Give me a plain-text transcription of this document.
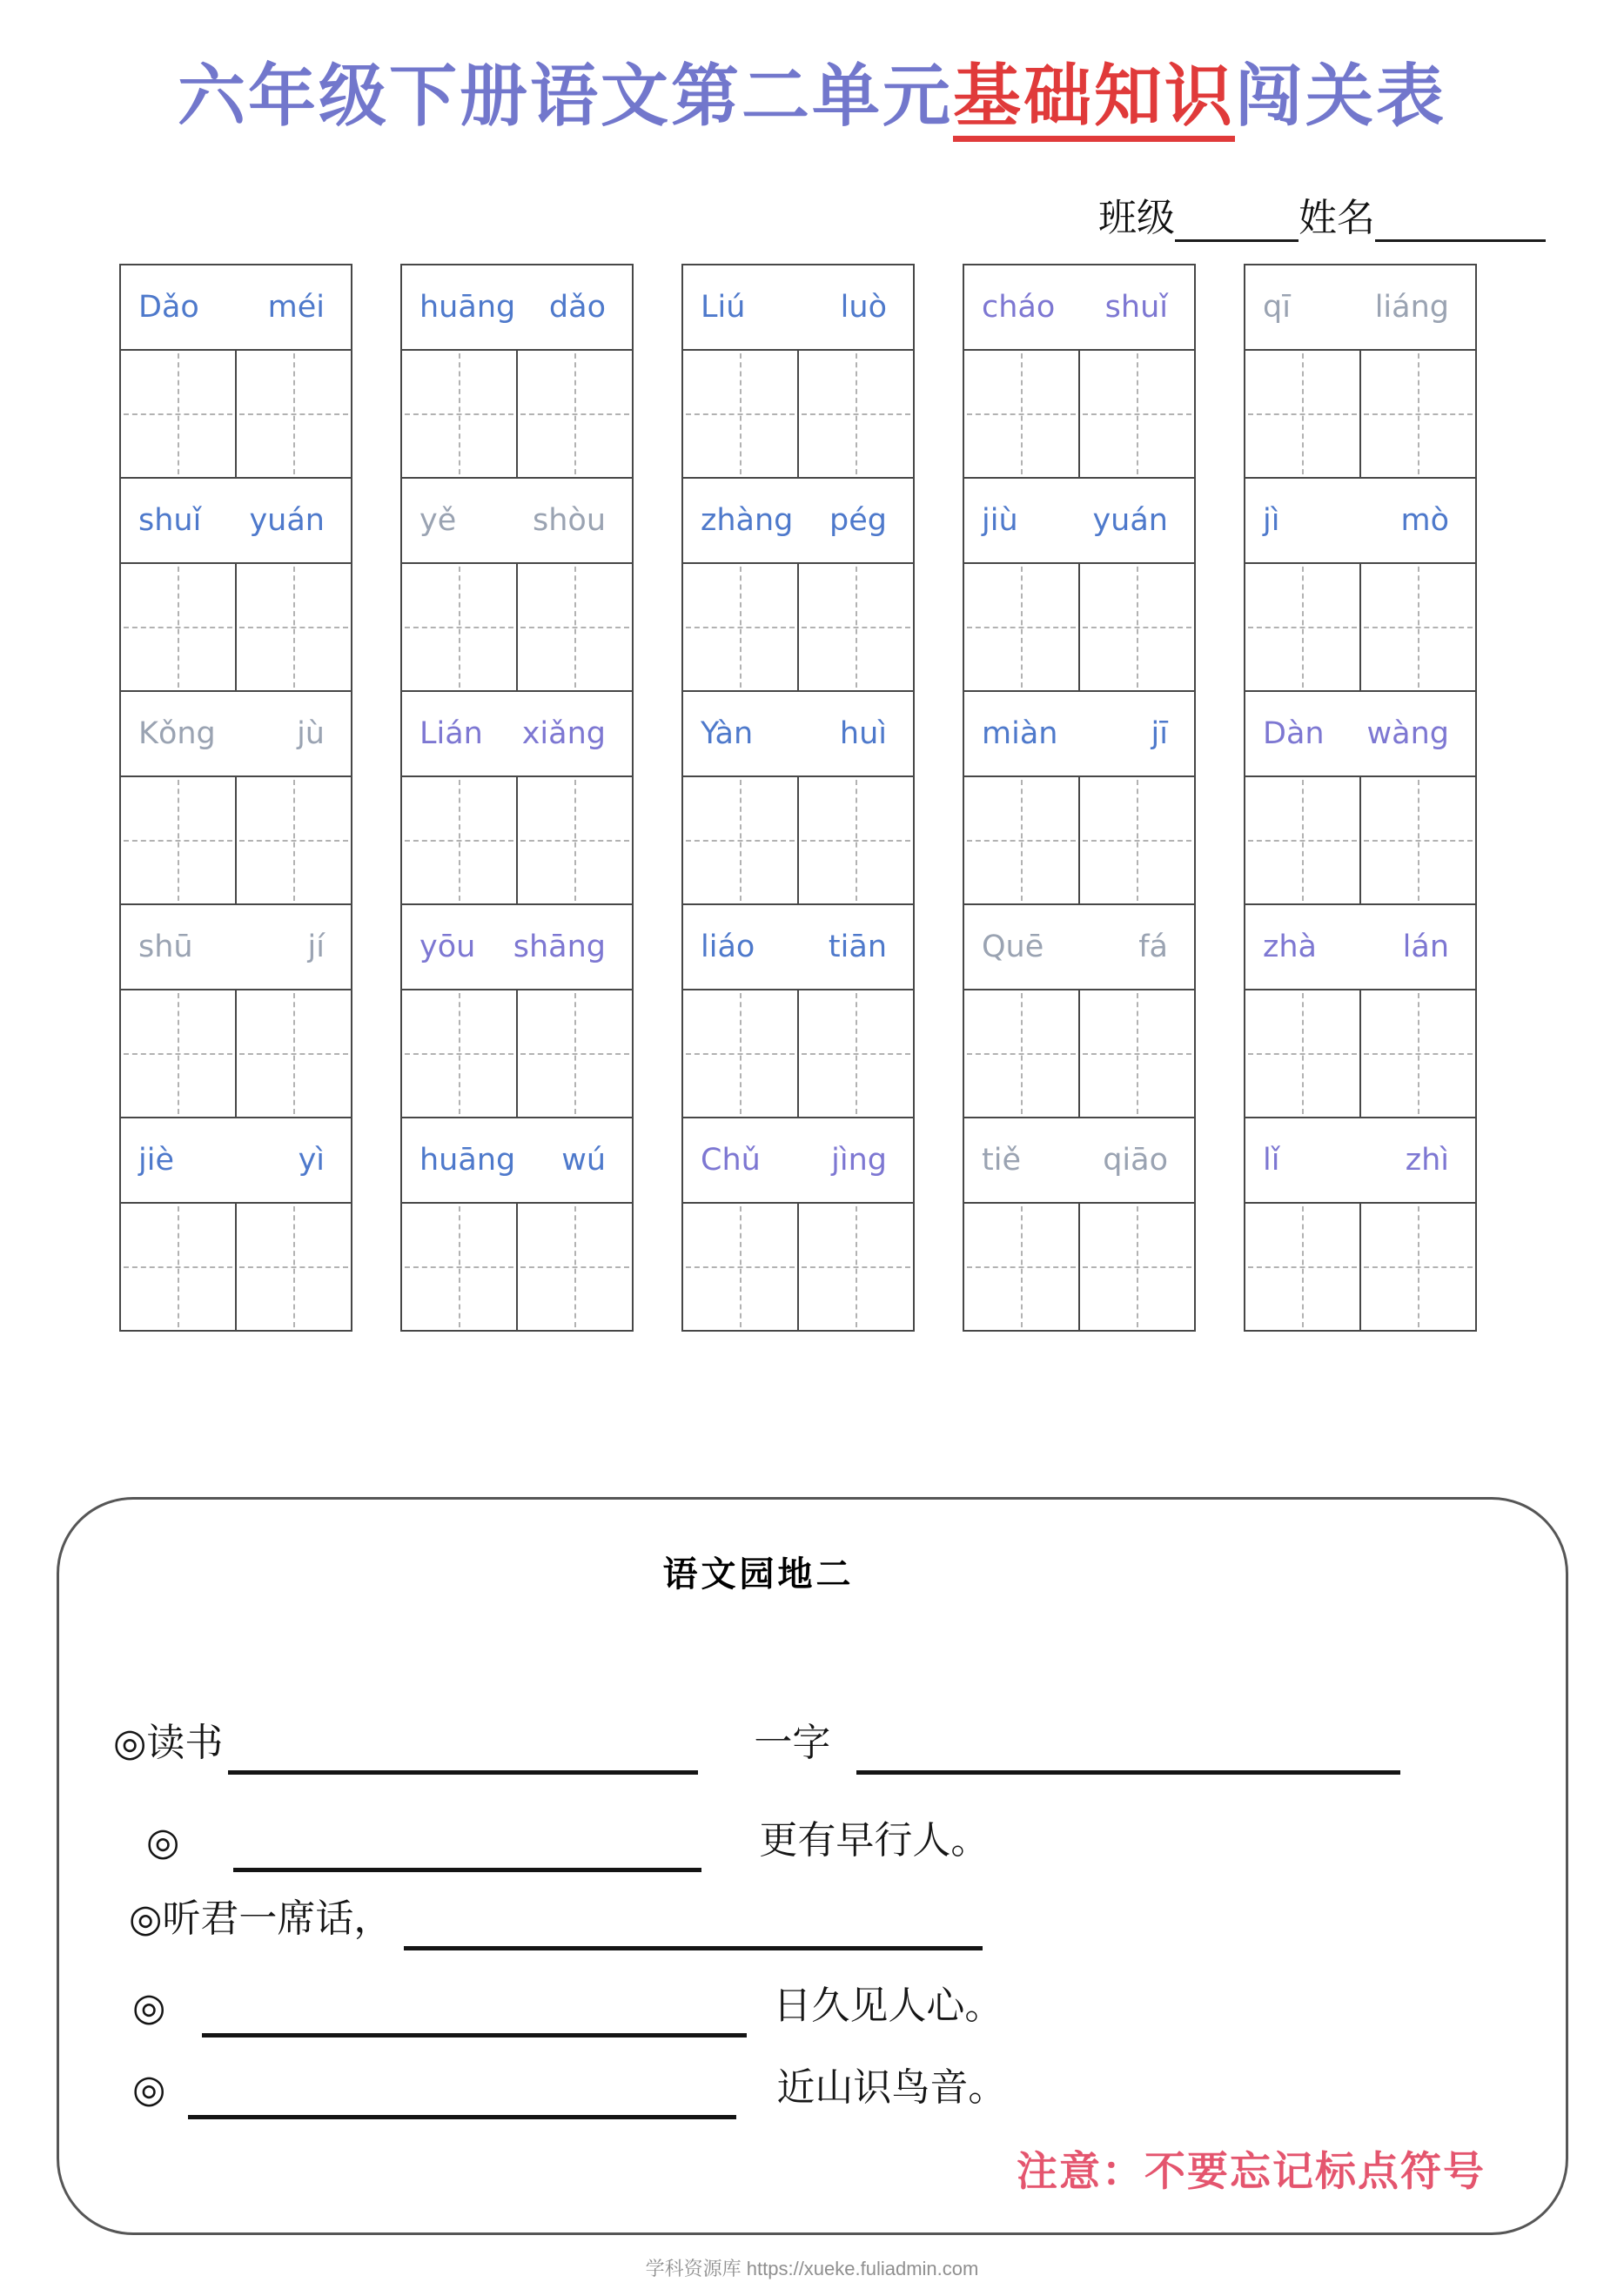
六年级下册语文第二单元基础知识闯关表
班级	姓名
Dǎo méi
shuǐ yuán
Kǒng	jù
shū	jí
jiè	yì
huāng dǎo
yě	shòu
Lián xiǎng
yōu shāng
huāng wú
Liú	luò
zhàng pég
Yàn	huì
liáo tiān
Chǔ jìng
cháo shuǐ
jiù yuán
miàn	jī
Quē	fá
tiě	qiāo
qī	liáng
jì	mò
Dàn wàng
zhà	lán
lǐ	zhì
语文园地二
注意：不要忘记标点符号
学科资源库 https://xueke.fuliadmin.com
◎读书	一字
◎	更有早行人。
◎听君一席话，
◎	日久见人心。
◎	近山识鸟音。
